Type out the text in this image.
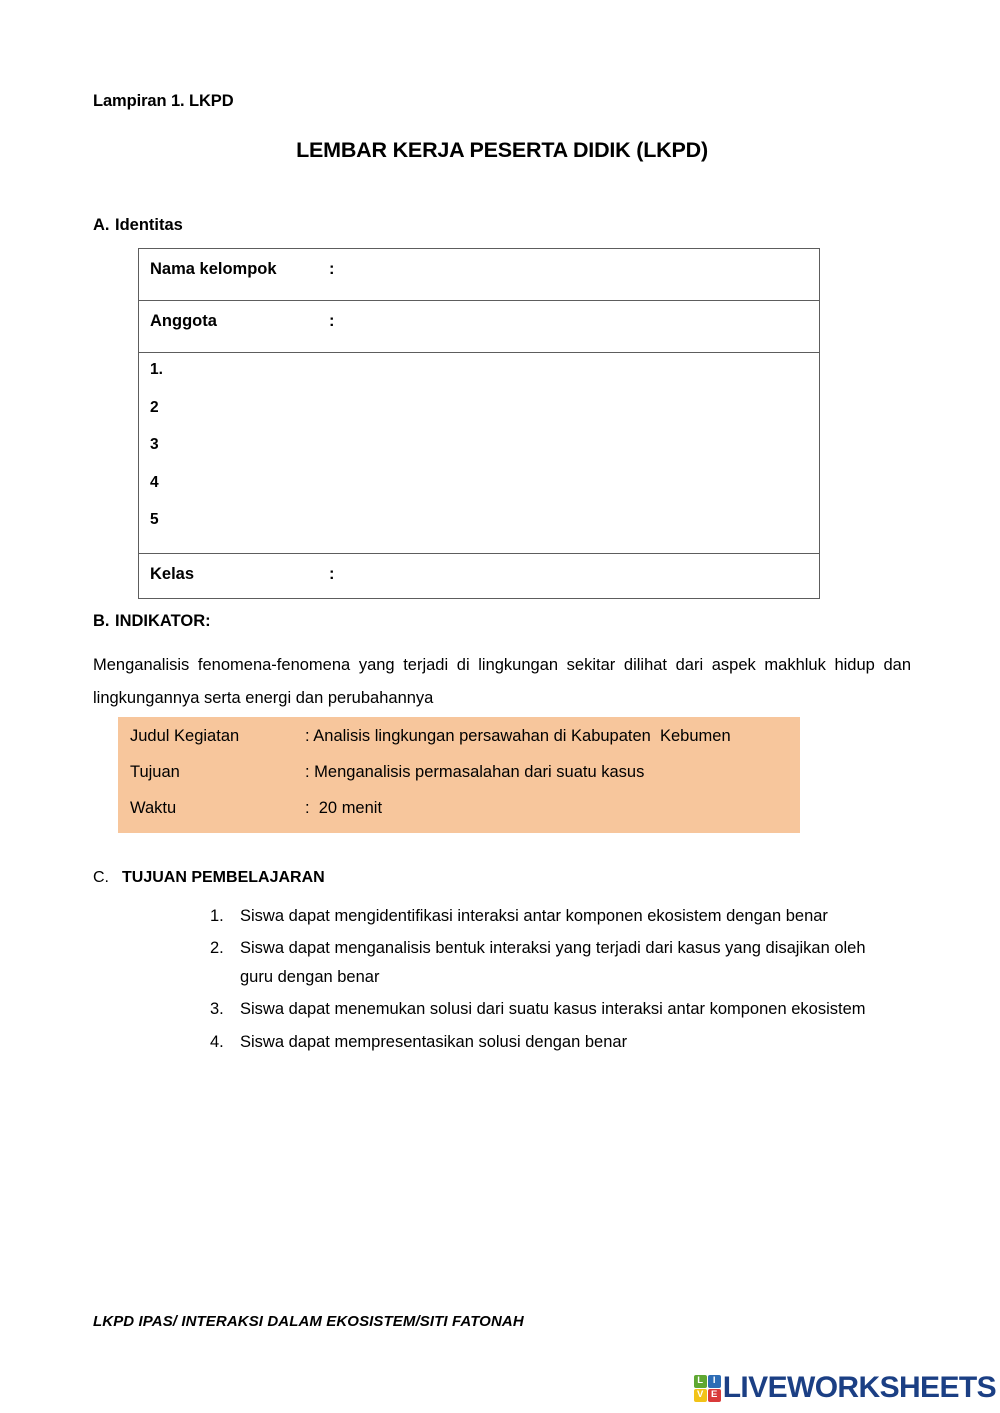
Lampiran 1. LKPD
LEMBAR KERJA PESERTA DIDIK (LKPD)
A. Identitas
Nama kelompok	:

Anggota	:

1.
2
3
4
5

Kelas	:
B. INDIKATOR:
Menganalisis fenomena-fenomena yang terjadi di lingkungan sekitar dilihat dari aspek makhluk hidup dan lingkungannya serta energi dan perubahannya
Judul Kegiatan	: Analisis lingkungan persawahan di Kabupaten  Kebumen
Tujuan	: Menganalisis permasalahan dari suatu kasus
Waktu	:  20 menit
C. TUJUAN PEMBELAJARAN
1. Siswa dapat mengidentifikasi interaksi antar komponen ekosistem dengan benar
2. Siswa dapat menganalisis bentuk interaksi yang terjadi dari kasus yang disajikan oleh guru dengan benar
3. Siswa dapat menemukan solusi dari suatu kasus interaksi antar komponen ekosistem
4. Siswa dapat mempresentasikan solusi dengan benar
LKPD IPAS/ INTERAKSI DALAM EKOSISTEM/SITI FATONAH
L	I
V E LIVEWORKSHEETS
